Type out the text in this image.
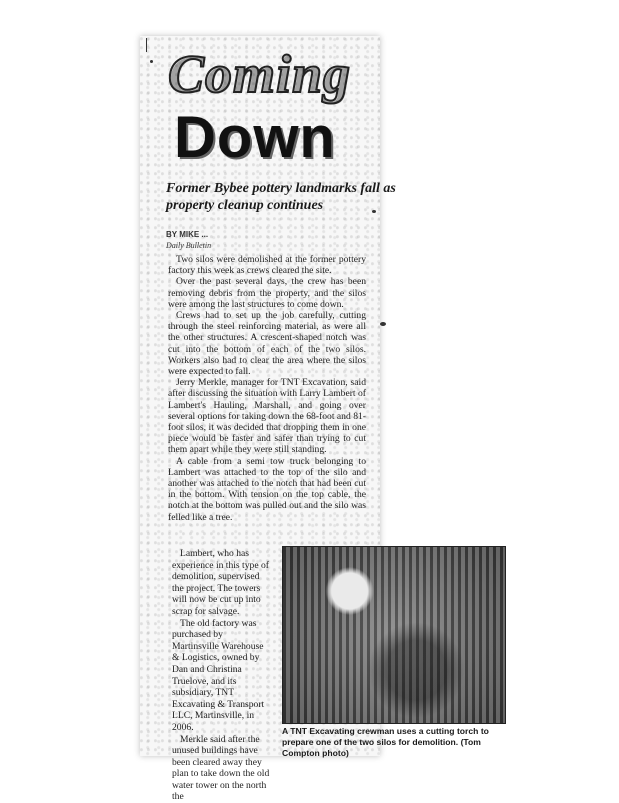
Coming
Down
Former Bybee pottery landmarks fall as property cleanup continues
BY MIKE ...
Daily Bulletin

Two silos were demolished at the former pottery factory this week as crews cleared the site.

Over the past several days, the crew has been removing debris from the property, and the silos were among the last structures to come down.

Crews had to set up the job carefully, cutting through the steel reinforcing material, as were all the other structures. A crescent-shaped notch was cut into the bottom of each of the two silos. Workers also had to clear the area where the silos were expected to fall.

Jerry Merkle, manager for TNT Excavation, said after discussing the situation with Larry Lambert of Lambert's Hauling, Marshall, and going over several options for taking down the 68-foot and 81-foot silos, it was decided that dropping them in one piece would be faster and safer than trying to cut them apart while they were still standing.

A cable from a semi tow truck belonging to Lambert was attached to the top of the silo and another was attached to the notch that had been cut in the bottom. With tension on the top cable, the notch at the bottom was pulled out and the silo was felled like a tree.

Lambert, who has experience in this type of demolition, supervised the project. The towers will now be cut up into scrap for salvage.

The old factory was purchased by Martinsville Warehouse & Logistics, owned by Dan and Christina Truelove, and its subsidiary, TNT Excavating & Transport LLC, Martinsville, in 2006.

Merkle said after the unused buildings have been cleared away they plan to take down the old water tower on the north the

A TNT Excavating crewman uses a cutting torch to prepare one of the two silos for demolition. (Tom Compton photo)
